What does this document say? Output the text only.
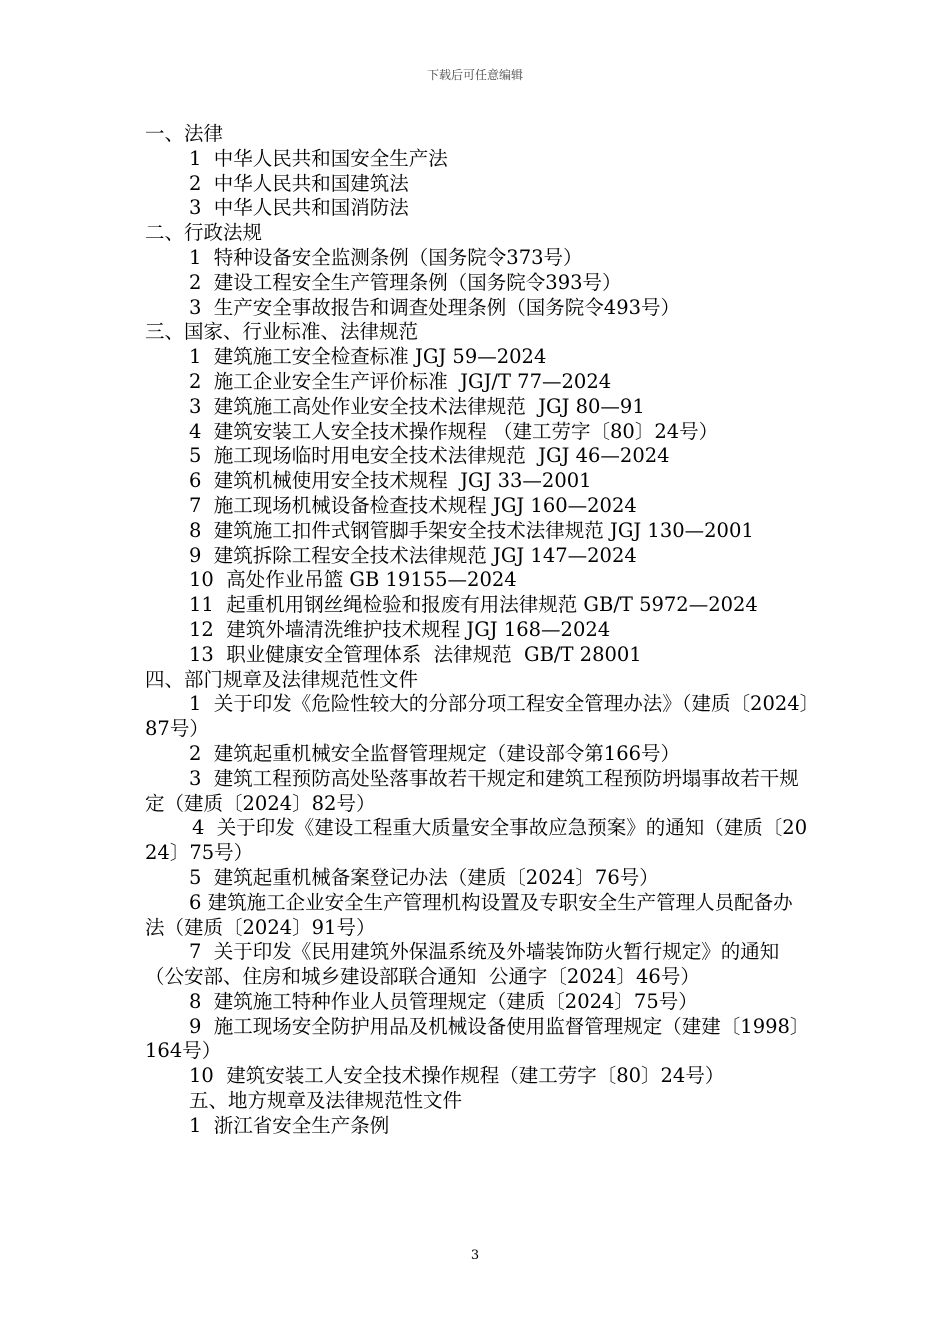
下载后可任意编辑
一、法律
1  中华人民共和国安全生产法
2  中华人民共和国建筑法
3  中华人民共和国消防法
二、行政法规
1  特种设备安全监测条例（国务院令373号）
2  建设工程安全生产管理条例（国务院令393号）
3  生产安全事故报告和调查处理条例（国务院令493号）
三、国家、行业标准、法律规范
1  建筑施工安全检查标准 JGJ 59—2024
2  施工企业安全生产评价标准  JGJ/T 77—2024
3  建筑施工高处作业安全技术法律规范  JGJ 80—91
4  建筑安装工人安全技术操作规程 （建工劳字〔80〕24号）
5  施工现场临时用电安全技术法律规范  JGJ 46—2024
6  建筑机械使用安全技术规程  JGJ 33—2001
7  施工现场机械设备检查技术规程 JGJ 160—2024
8  建筑施工扣件式钢管脚手架安全技术法律规范 JGJ 130—2001
9  建筑拆除工程安全技术法律规范 JGJ 147—2024
10  高处作业吊篮 GB 19155—2024
11  起重机用钢丝绳检验和报废有用法律规范 GB/T 5972—2024
12  建筑外墙清洗维护技术规程 JGJ 168—2024
13  职业健康安全管理体系  法律规范  GB/T 28001
四、部门规章及法律规范性文件
1  关于印发《危险性较大的分部分项工程安全管理办法》（建质〔2024〕87号）
2  建筑起重机械安全监督管理规定（建设部令第166号）
3  建筑工程预防高处坠落事故若干规定和建筑工程预防坍塌事故若干规定（建质〔2024〕82号）
4  关于印发《建设工程重大质量安全事故应急预案》的通知（建质〔2024〕75号）
5  建筑起重机械备案登记办法（建质〔2024〕76号）
6 建筑施工企业安全生产管理机构设置及专职安全生产管理人员配备办法（建质〔2024〕91号）
7  关于印发《民用建筑外保温系统及外墙装饰防火暂行规定》的通知（公安部、住房和城乡建设部联合通知  公通字〔2024〕46号）
8  建筑施工特种作业人员管理规定（建质〔2024〕75号）
9  施工现场安全防护用品及机械设备使用监督管理规定（建建〔1998〕164号）
10  建筑安装工人安全技术操作规程（建工劳字〔80〕24号）
五、地方规章及法律规范性文件
1  浙江省安全生产条例
3
